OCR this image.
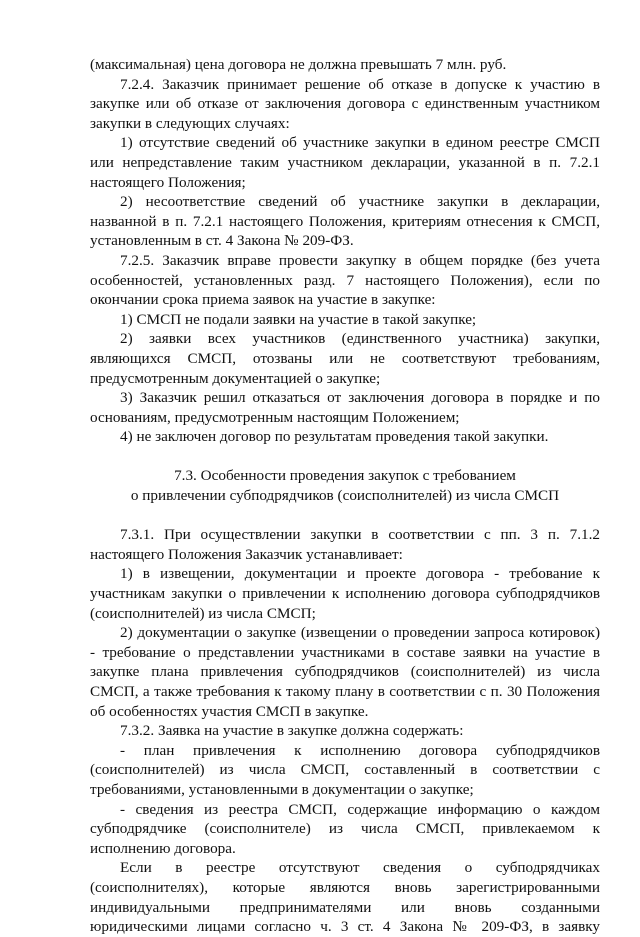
(максимальная) цена договора не должна превышать 7 млн. руб.
7.2.4. Заказчик принимает решение об отказе в допуске к участию в
закупке или об отказе от заключения договора с единственным участником
закупки в следующих случаях:
1) отсутствие сведений об участнике закупки в едином реестре СМСП
или непредставление таким участником декларации, указанной в п. 7.2.1
настоящего Положения;
2) несоответствие сведений об участнике закупки в декларации,
названной в п. 7.2.1 настоящего Положения, критериям отнесения к СМСП,
установленным в ст. 4 Закона № 209-ФЗ.
7.2.5. Заказчик вправе провести закупку в общем порядке (без учета
особенностей, установленных разд. 7 настоящего Положения), если по
окончании срока приема заявок на участие в закупке:
1) СМСП не подали заявки на участие в такой закупке;
2) заявки всех участников (единственного участника) закупки,
являющихся СМСП, отозваны или не соответствуют требованиям,
предусмотренным документацией о закупке;
3) Заказчик решил отказаться от заключения договора в порядке и по
основаниям, предусмотренным настоящим Положением;
4) не заключен договор по результатам проведения такой закупки.
7.3. Особенности проведения закупок с требованием
о привлечении субподрядчиков (соисполнителей) из числа СМСП
7.3.1. При осуществлении закупки в соответствии с пп. 3 п. 7.1.2
настоящего Положения Заказчик устанавливает:
1) в извещении, документации и проекте договора - требование к
участникам закупки о привлечении к исполнению договора субподрядчиков
(соисполнителей) из числа СМСП;
2) документации о закупке (извещении о проведении запроса котировок)
- требование о представлении участниками в составе заявки на участие в
закупке плана привлечения субподрядчиков (соисполнителей) из числа
СМСП, а также требования к такому плану в соответствии с п. 30 Положения
об особенностях участия СМСП в закупке.
7.3.2. Заявка на участие в закупке должна содержать:
- план привлечения к исполнению договора субподрядчиков
(соисполнителей) из числа СМСП, составленный в соответствии с
требованиями, установленными в документации о закупке;
- сведения из реестра СМСП, содержащие информацию о каждом
субподрядчике (соисполнителе) из числа СМСП, привлекаемом к
исполнению договора.
Если в реестре отсутствуют сведения о субподрядчиках
(соисполнителях), которые являются вновь зарегистрированными
индивидуальными предпринимателями или вновь созданными
юридическими лицами согласно ч. 3 ст. 4 Закона № 209-ФЗ, в заявку
